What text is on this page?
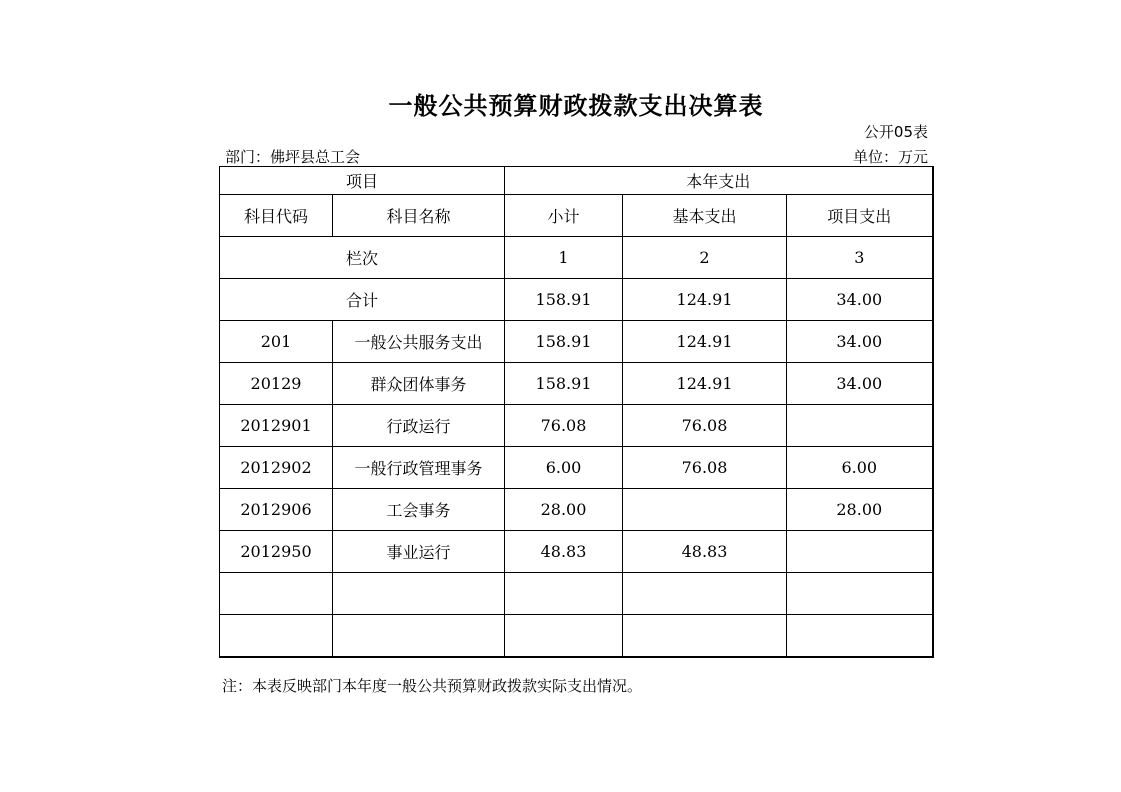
一般公共预算财政拨款支出决算表
公开05表
部门：佛坪县总工会	单位：万元
项目		本年支出		
科目代码	科目名称	小计	基本支出	项目支出
栏次		1	2	3
合计		158.91	124.91	34.00
201	一般公共服务支出	158.91	124.91	34.00
20129	群众团体事务	158.91	124.91	34.00
2012901	行政运行	76.08	76.08	
2012902	一般行政管理事务	6.00	76.08	6.00
2012906	工会事务	28.00		28.00
2012950	事业运行	48.83	48.83	

注：本表反映部门本年度一般公共预算财政拨款实际支出情况。
